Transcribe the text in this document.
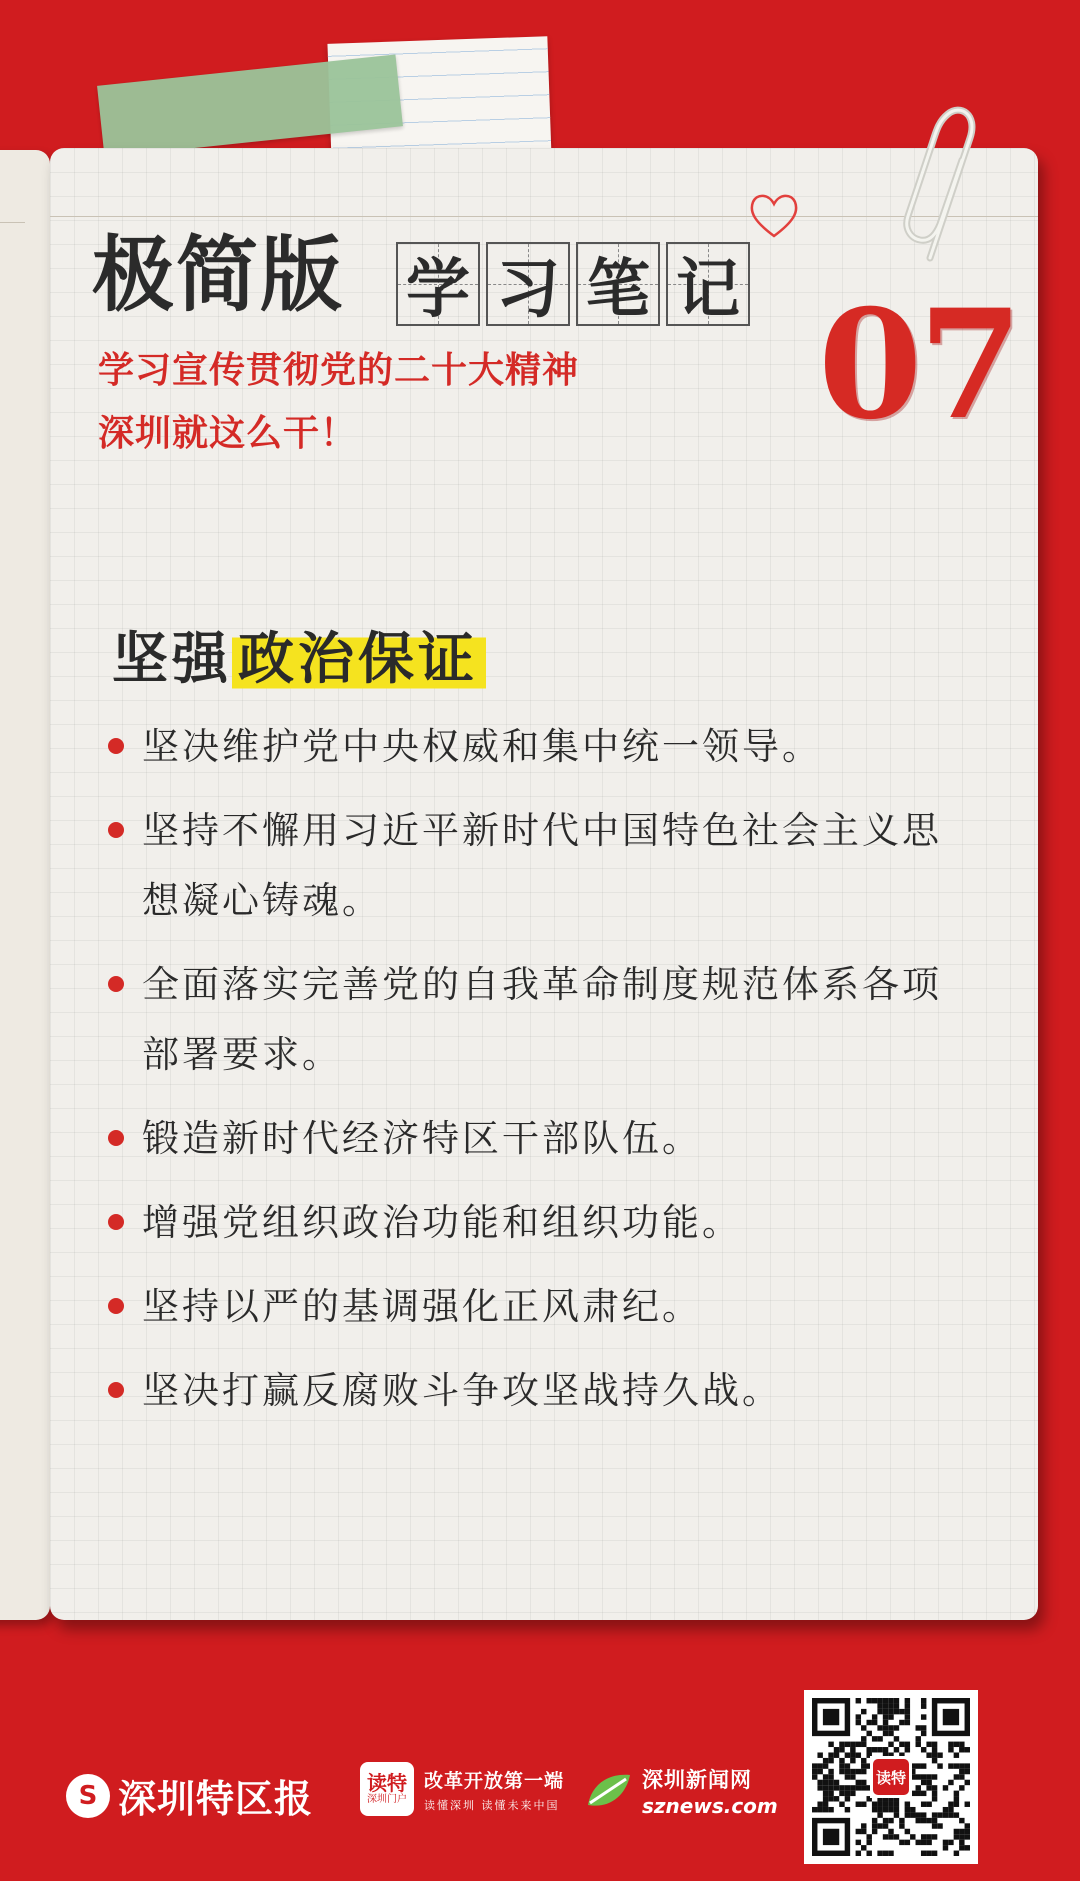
极简版 学 习 笔 记
学习宣传贯彻党的二十大精神
深圳就这么干！	07
坚强 政治保证
坚决维护党中央权威和集中统一领导。
坚持不懈用习近平新时代中国特色社会主义思想凝心铸魂。
全面落实完善党的自我革命制度规范体系各项部署要求。
锻造新时代经济特区干部队伍。
增强党组织政治功能和组织功能。
坚持以严的基调强化正风肃纪。
坚决打赢反腐败斗争攻坚战持久战。
S 深圳特区报	读特
深圳门户
改革开放第一端
读懂深圳 读懂未来中国
深圳新闻网
sznews.com
读特
